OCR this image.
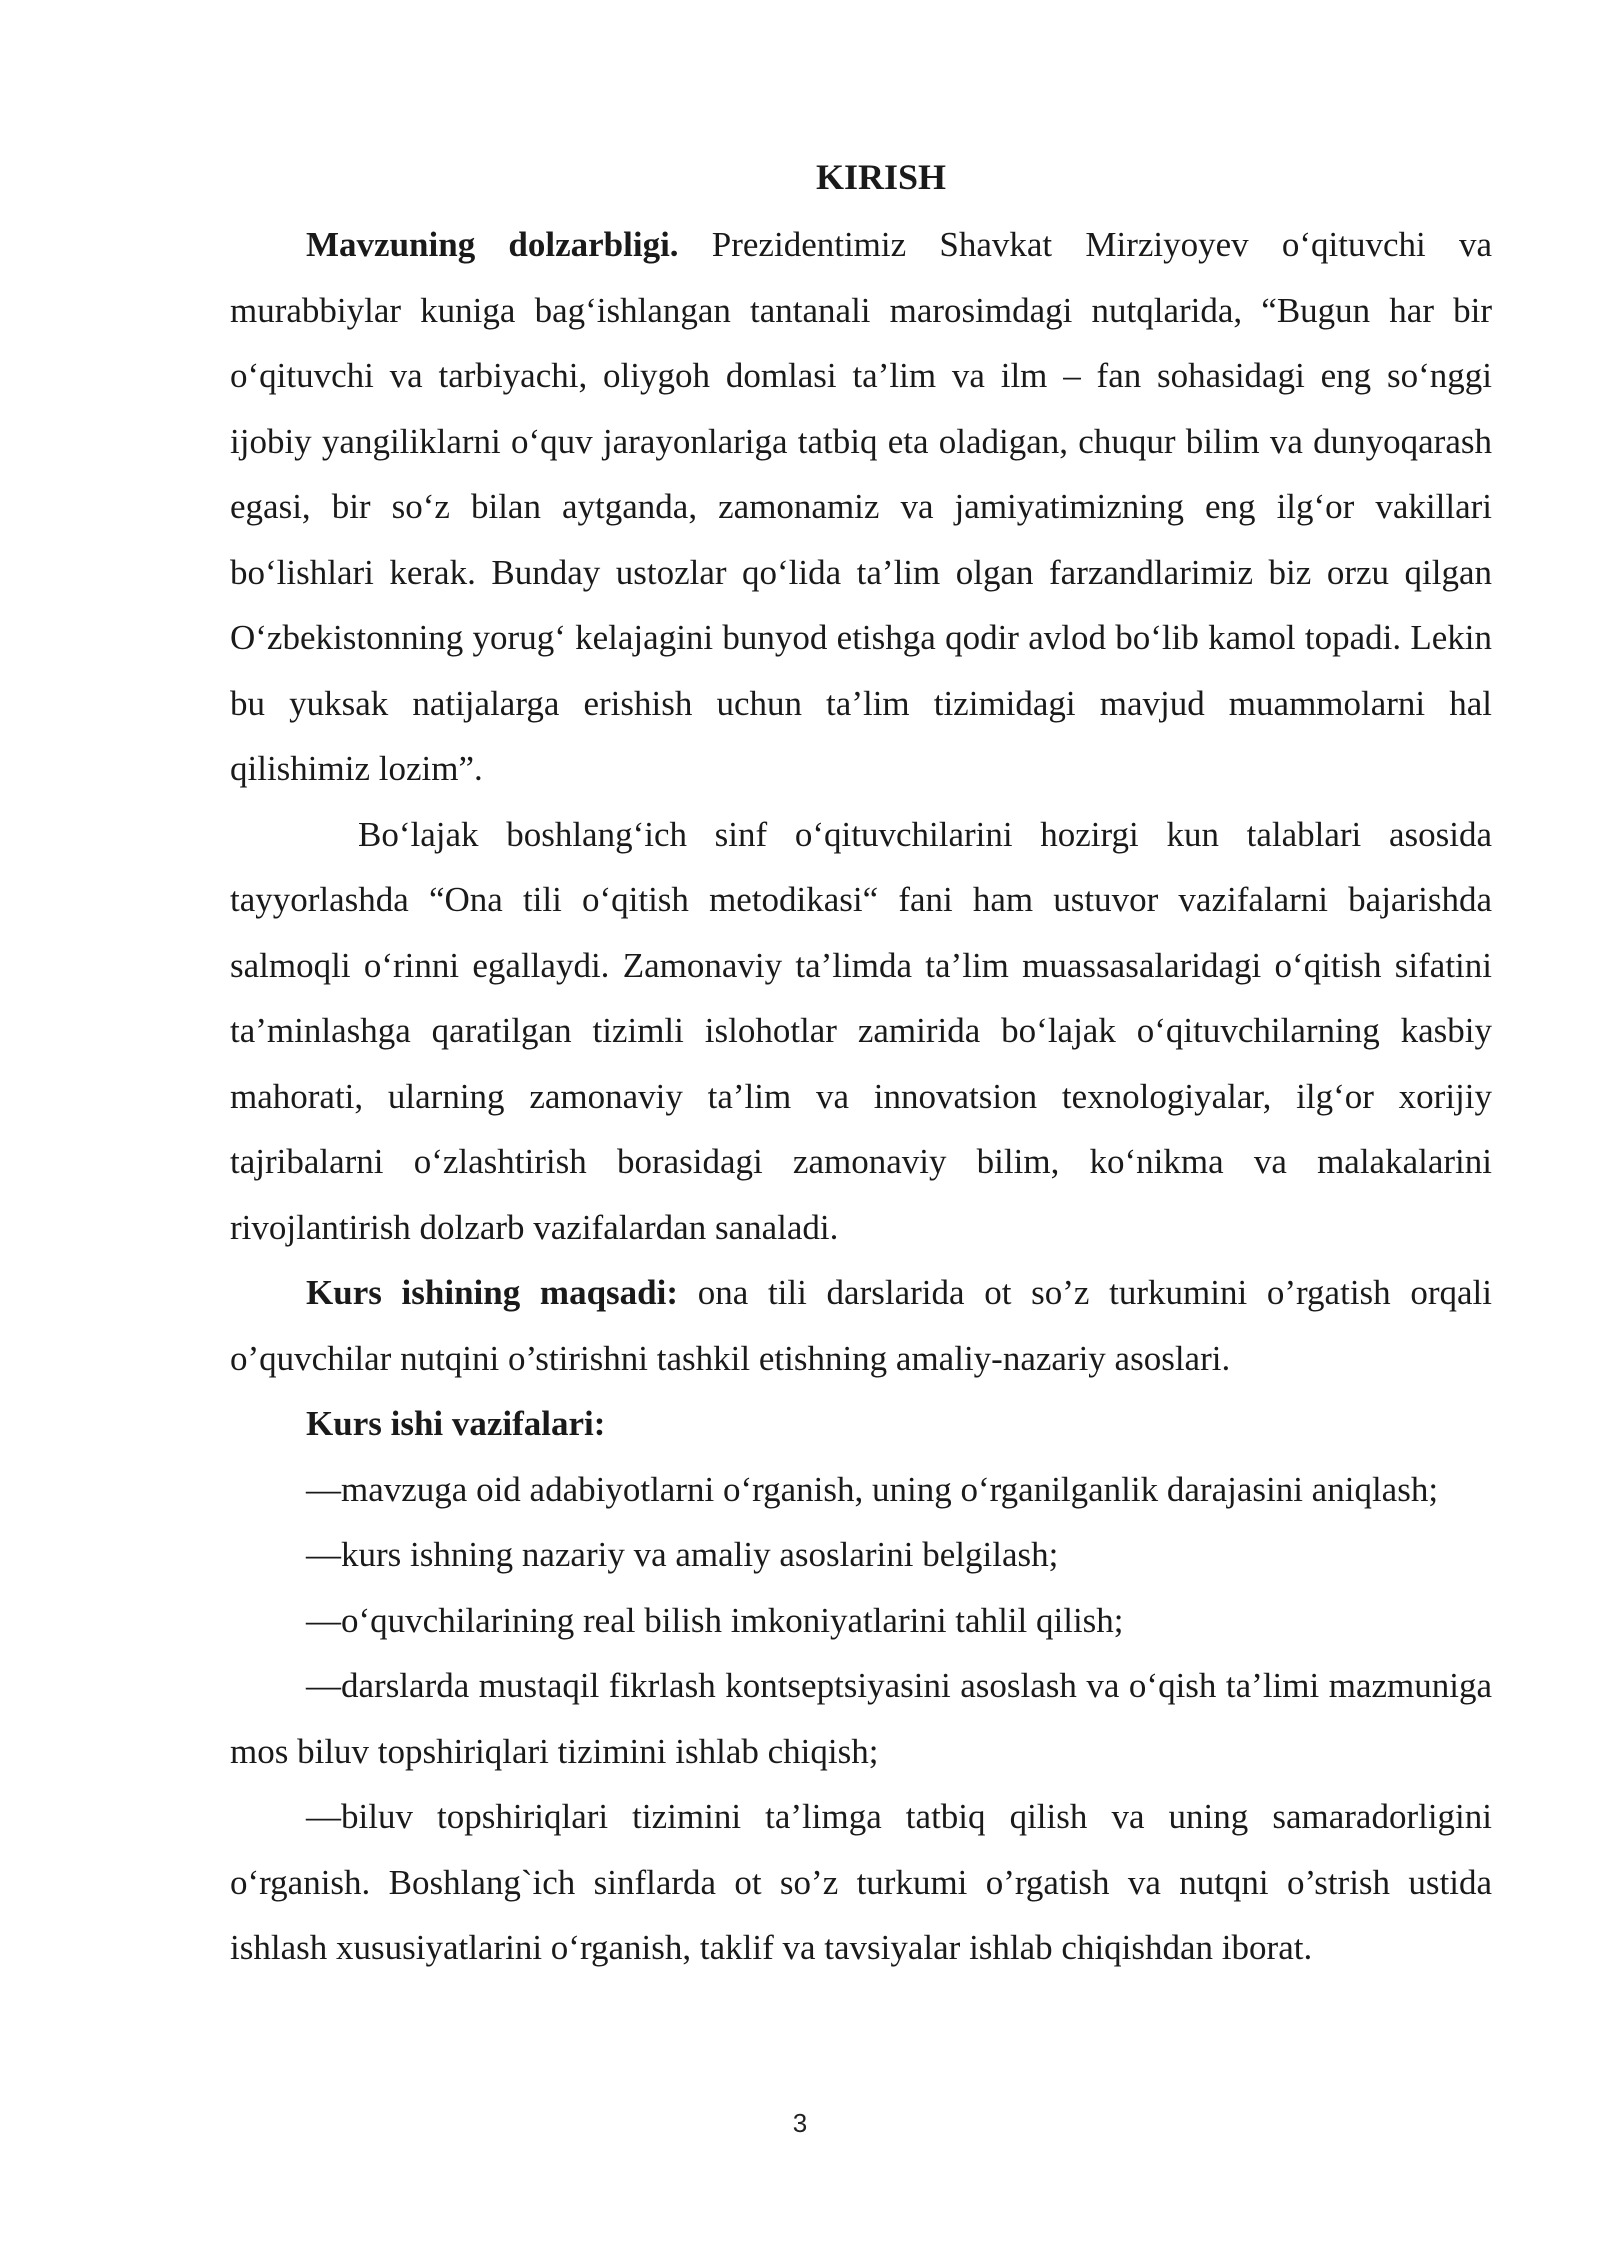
KIRISH

Mavzuning dolzarbligi. Prezidentimiz Shavkat Mirziyoyev o‘qituvchi va murabbiylar kuniga bag‘ishlangan tantanali marosimdagi nutqlarida, “Bugun har bir o‘qituvchi va tarbiyachi, oliygoh domlasi ta’lim va ilm – fan sohasidagi eng so‘nggi ijobiy yangiliklarni o‘quv jarayonlariga tatbiq eta oladigan, chuqur bilim va dunyoqarash egasi, bir so‘z bilan aytganda, zamonamiz va jamiyatimizning eng ilg‘or vakillari bo‘lishlari kerak. Bunday ustozlar qo‘lida ta’lim olgan farzandlarimiz biz orzu qilgan O‘zbekistonning yorug‘ kelajagini bunyod etishga qodir avlod bo‘lib kamol topadi. Lekin bu yuksak natijalarga erishish uchun ta’lim tizimidagi mavjud muammolarni hal qilishimiz lozim”.

Bo‘lajak boshlang‘ich sinf o‘qituvchilarini hozirgi kun talablari asosida tayyorlashda “Ona tili o‘qitish metodikasi“ fani ham ustuvor vazifalarni bajarishda salmoqli o‘rinni egallaydi. Zamonaviy ta’limda ta’lim muassasalaridagi o‘qitish sifatini ta’minlashga qaratilgan tizimli islohotlar zamirida bo‘lajak o‘qituvchilarning kasbiy mahorati, ularning zamonaviy ta’lim va innovatsion texnologiyalar, ilg‘or xorijiy tajribalarni o‘zlashtirish borasidagi zamonaviy bilim, ko‘nikma va malakalarini rivojlantirish dolzarb vazifalardan sanaladi.

Kurs ishining maqsadi: ona tili darslarida ot so’z turkumini o’rgatish orqali o’quvchilar nutqini o’stirishni tashkil etishning amaliy-nazariy asoslari.

Kurs ishi vazifalari:

—mavzuga oid adabiyotlarni o‘rganish, uning o‘rganilganlik darajasini aniqlash;

—kurs ishning nazariy va amaliy asoslarini belgilash;

—o‘quvchilarining real bilish imkoniyatlarini tahlil qilish;

—darslarda mustaqil fikrlash kontseptsiyasini asoslash va o‘qish ta’limi mazmuniga mos biluv topshiriqlari tizimini ishlab chiqish;

—biluv topshiriqlari tizimini ta’limga tatbiq qilish va uning samaradorligini o‘rganish. Boshlang`ich sinflarda ot so’z turkumi o’rgatish va nutqni o’strish ustida ishlash xususiyatlarini o‘rganish, taklif va tavsiyalar ishlab chiqishdan iborat.

3
